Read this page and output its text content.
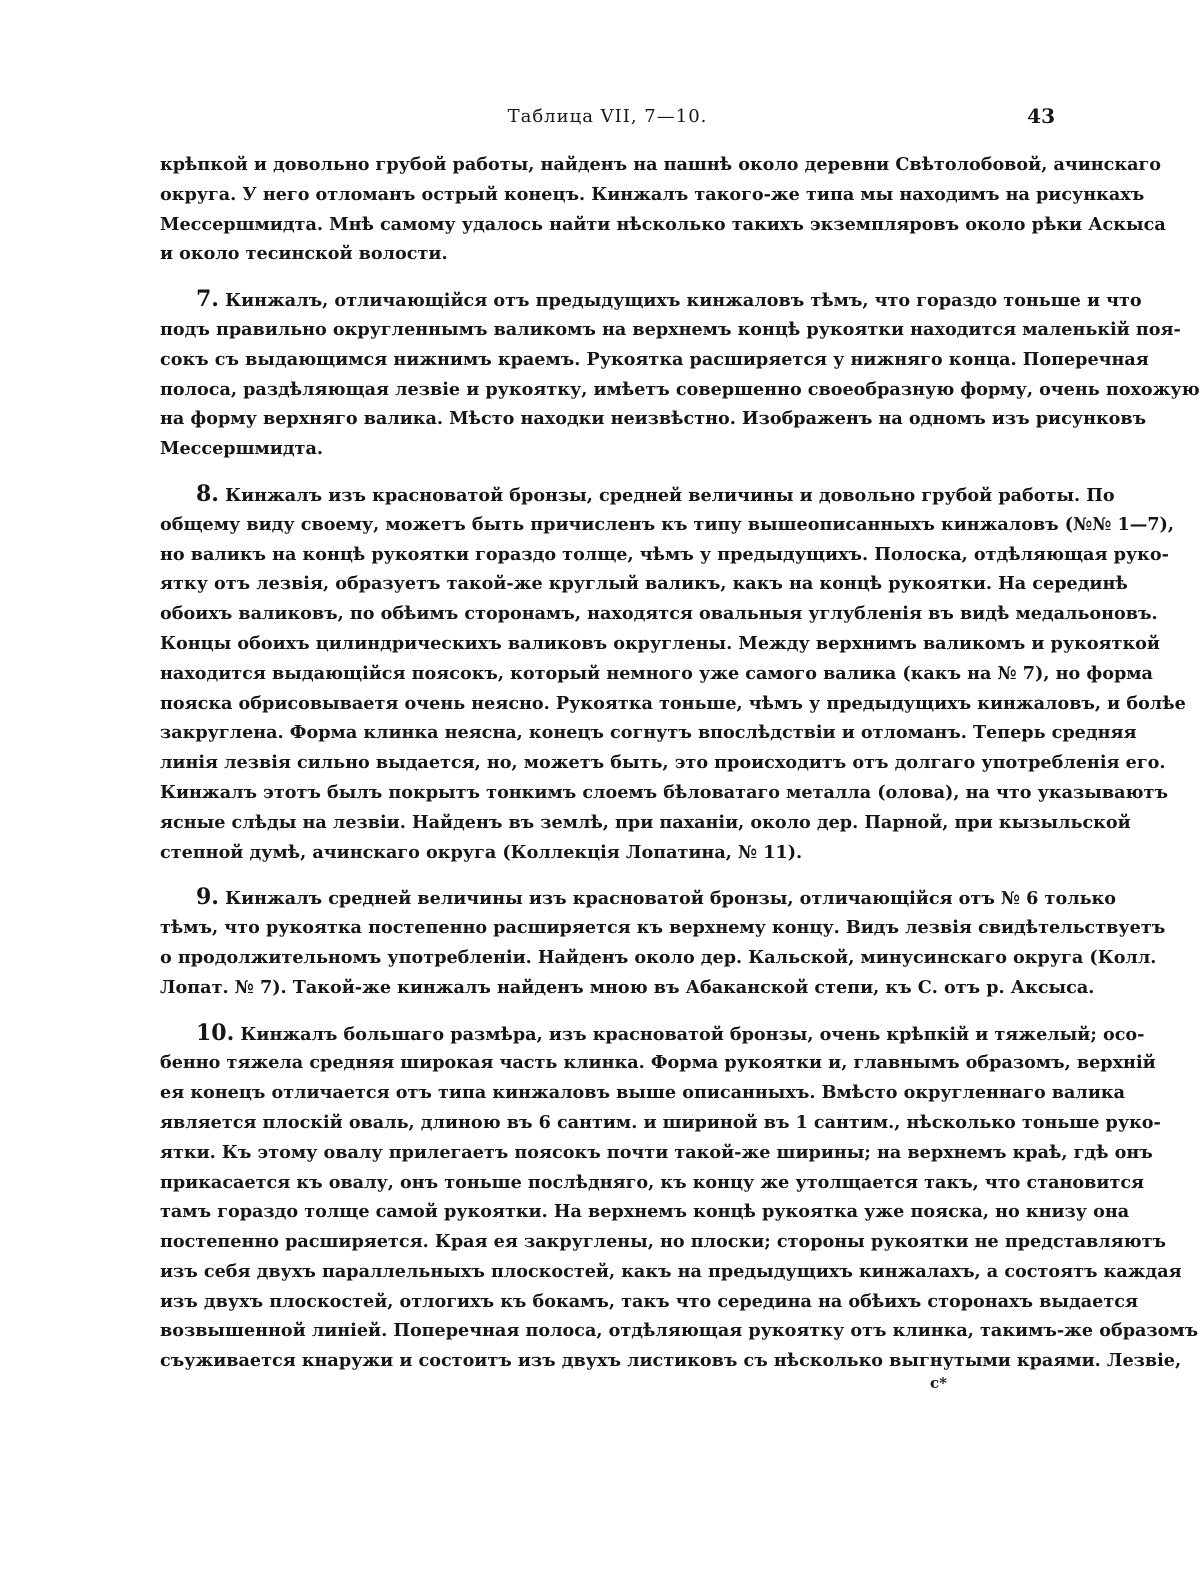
Таблица VII, 7—10.	43
крѣпкой и довольно грубой работы, найденъ на пашнѣ около деревни Свѣтолобовой, ачинскаго
округа. У него отломанъ острый конецъ. Кинжалъ такого-же типа мы находимъ на рисункахъ
Мессершмидта. Мнѣ самому удалось найти нѣсколько такихъ экземпляровъ около рѣки Аскыса
и около тесинской волости.
7. Кинжалъ, отличающійся отъ предыдущихъ кинжаловъ тѣмъ, что гораздо тоньше и что
подъ правильно округленнымъ валикомъ на верхнемъ концѣ рукоятки находится маленькій поя-
сокъ съ выдающимся нижнимъ краемъ. Рукоятка расширяется у нижняго конца. Поперечная
полоса, раздѣляющая лезвіе и рукоятку, имѣетъ совершенно своеобразную форму, очень похожую
на форму верхняго валика. Мѣсто находки неизвѣстно. Изображенъ на одномъ изъ рисунковъ
Мессершмидта.
8. Кинжалъ изъ красноватой бронзы, средней величины и довольно грубой работы. По
общему виду своему, можетъ быть причисленъ къ типу вышеописанныхъ кинжаловъ (№№ 1—7),
но валикъ на концѣ рукоятки гораздо толще, чѣмъ у предыдущихъ. Полоска, отдѣляющая руко-
ятку отъ лезвія, образуетъ такой-же круглый валикъ, какъ на концѣ рукоятки. На серединѣ
обоихъ валиковъ, по обѣимъ сторонамъ, находятся овальныя углубленія въ видѣ медальоновъ.
Концы обоихъ цилиндрическихъ валиковъ округлены. Между верхнимъ валикомъ и рукояткой
находится выдающійся поясокъ, который немного уже самого валика (какъ на № 7), но форма
пояска обрисовываетя очень неясно. Рукоятка тоньше, чѣмъ у предыдущихъ кинжаловъ, и болѣе
закруглена. Форма клинка неясна, конецъ согнутъ впослѣдствіи и отломанъ. Теперь средняя
линія лезвія сильно выдается, но, можетъ быть, это происходитъ отъ долгаго употребленія его.
Кинжалъ этотъ былъ покрытъ тонкимъ слоемъ бѣловатаго металла (олова), на что указываютъ
ясные слѣды на лезвіи. Найденъ въ землѣ, при паханіи, около дер. Парной, при кызыльской
степной думѣ, ачинскаго округа (Коллекція Лопатина, № 11).
9. Кинжалъ средней величины изъ красноватой бронзы, отличающійся отъ № 6 только
тѣмъ, что рукоятка постепенно расширяется къ верхнему концу. Видъ лезвія свидѣтельствуетъ
о продолжительномъ употребленіи. Найденъ около дер. Кальской, минусинскаго округа (Колл.
Лопат. № 7). Такой-же кинжалъ найденъ мною въ Абаканской степи, къ С. отъ р. Аксыса.
10. Кинжалъ большаго размѣра, изъ красноватой бронзы, очень крѣпкій и тяжелый; осо-
бенно тяжела средняя широкая часть клинка. Форма рукоятки и, главнымъ образомъ, верхній
ея конецъ отличается отъ типа кинжаловъ выше описанныхъ. Вмѣсто округленнаго валика
является плоскій оваль, длиною въ 6 сантим. и шириной въ 1 сантим., нѣсколько тоньше руко-
ятки. Къ этому овалу прилегаетъ поясокъ почти такой-же ширины; на верхнемъ краѣ, гдѣ онъ
прикасается къ овалу, онъ тоньше послѣдняго, къ концу же утолщается такъ, что становится
тамъ гораздо толще самой рукоятки. На верхнемъ концѣ рукоятка уже пояска, но книзу она
постепенно расширяется. Края ея закруглены, но плоски; стороны рукоятки не представляютъ
изъ себя двухъ параллельныхъ плоскостей, какъ на предыдущихъ кинжалахъ, а состоятъ каждая
изъ двухъ плоскостей, отлогихъ къ бокамъ, такъ что середина на обѣихъ сторонахъ выдается
возвышенной линіей. Поперечная полоса, отдѣляющая рукоятку отъ клинка, такимъ-же образомъ
съуживается кнаружи и состоитъ изъ двухъ листиковъ съ нѣсколько выгнутыми краями. Лезвіе,
с*
